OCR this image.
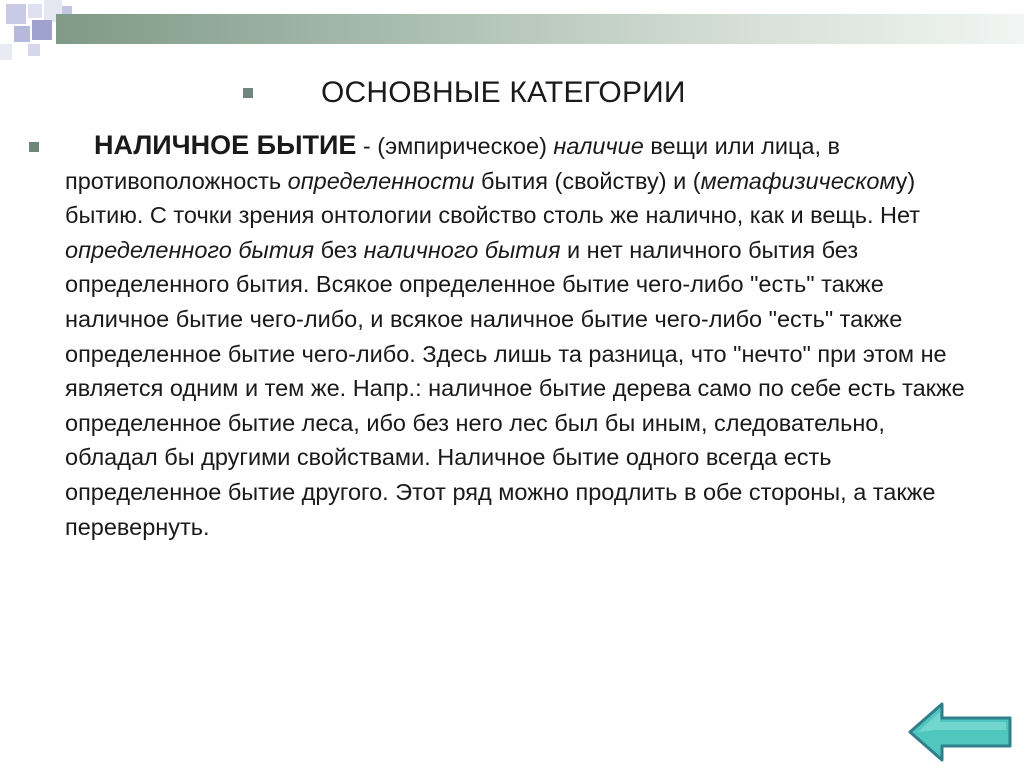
ОСНОВНЫЕ КАТЕГОРИИ
НАЛИЧНОЕ БЫТИЕ - (эмпирическое) наличие вещи или лица, в противоположность определенности бытия (свойству) и (метафизическому) бытию. С точки зрения онтологии свойство столь же налично, как и вещь. Нет определенного бытия без наличного бытия и нет наличного бытия без определенного бытия. Всякое определенное бытие чего-либо "есть" также наличное бытие чего-либо, и всякое наличное бытие чего-либо "есть" также определенное бытие чего-либо. Здесь лишь та разница, что "нечто" при этом не является одним и тем же. Напр.: наличное бытие дерева само по себе есть также определенное бытие леса, ибо без него лес был бы иным, следовательно, обладал бы другими свойствами. Наличное бытие одного всегда есть определенное бытие другого. Этот ряд можно продлить в обе стороны, а также перевернуть.
